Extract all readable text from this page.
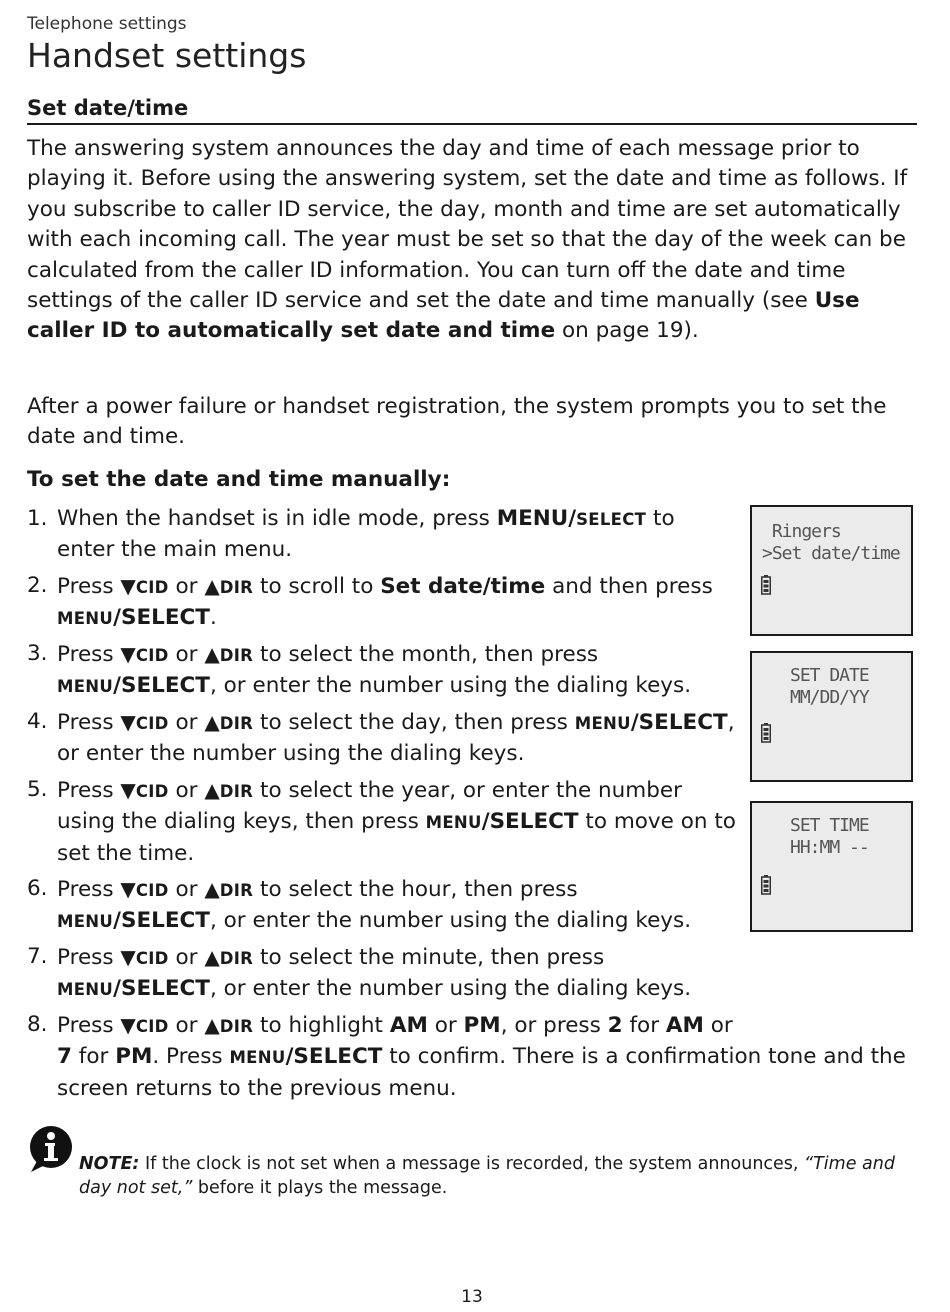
Telephone settings
Handset settings
Set date/time

The answering system announces the day and time of each message prior to playing it. Before using the answering system, set the date and time as follows. If you subscribe to caller ID service, the day, month and time are set automatically with each incoming call. The year must be set so that the day of the week can be calculated from the caller ID information. You can turn off the date and time settings of the caller ID service and set the date and time manually (see Use caller ID to automatically set date and time on page 19).

After a power failure or handset registration, the system prompts you to set the date and time.

To set the date and time manually:
1. When the handset is in idle mode, press MENU/SELECT to enter the main menu.
2. Press ▼CID or ▲DIR to scroll to Set date/time and then press MENU/SELECT.
3. Press ▼CID or ▲DIR to select the month, then press MENU/SELECT, or enter the number using the dialing keys.
4. Press ▼CID or ▲DIR to select the day, then press MENU/SELECT, or enter the number using the dialing keys.
5. Press ▼CID or ▲DIR to select the year, or enter the number using the dialing keys, then press MENU/SELECT to move on to set the time.
6. Press ▼CID or ▲DIR to select the hour, then press MENU/SELECT, or enter the number using the dialing keys.
7. Press ▼CID or ▲DIR to select the minute, then press MENU/SELECT, or enter the number using the dialing keys.
8. Press ▼CID or ▲DIR to highlight AM or PM, or press 2 for AM or
7 for PM. Press MENU/SELECT to confirm. There is a confirmation tone and the screen returns to the previous menu.
Ringers
>Set date/time
SET DATE
MM/DD/YY
SET TIME
HH:MM --

NOTE: If the clock is not set when a message is recorded, the system announces, “Time and day not set,” before it plays the message.

13
